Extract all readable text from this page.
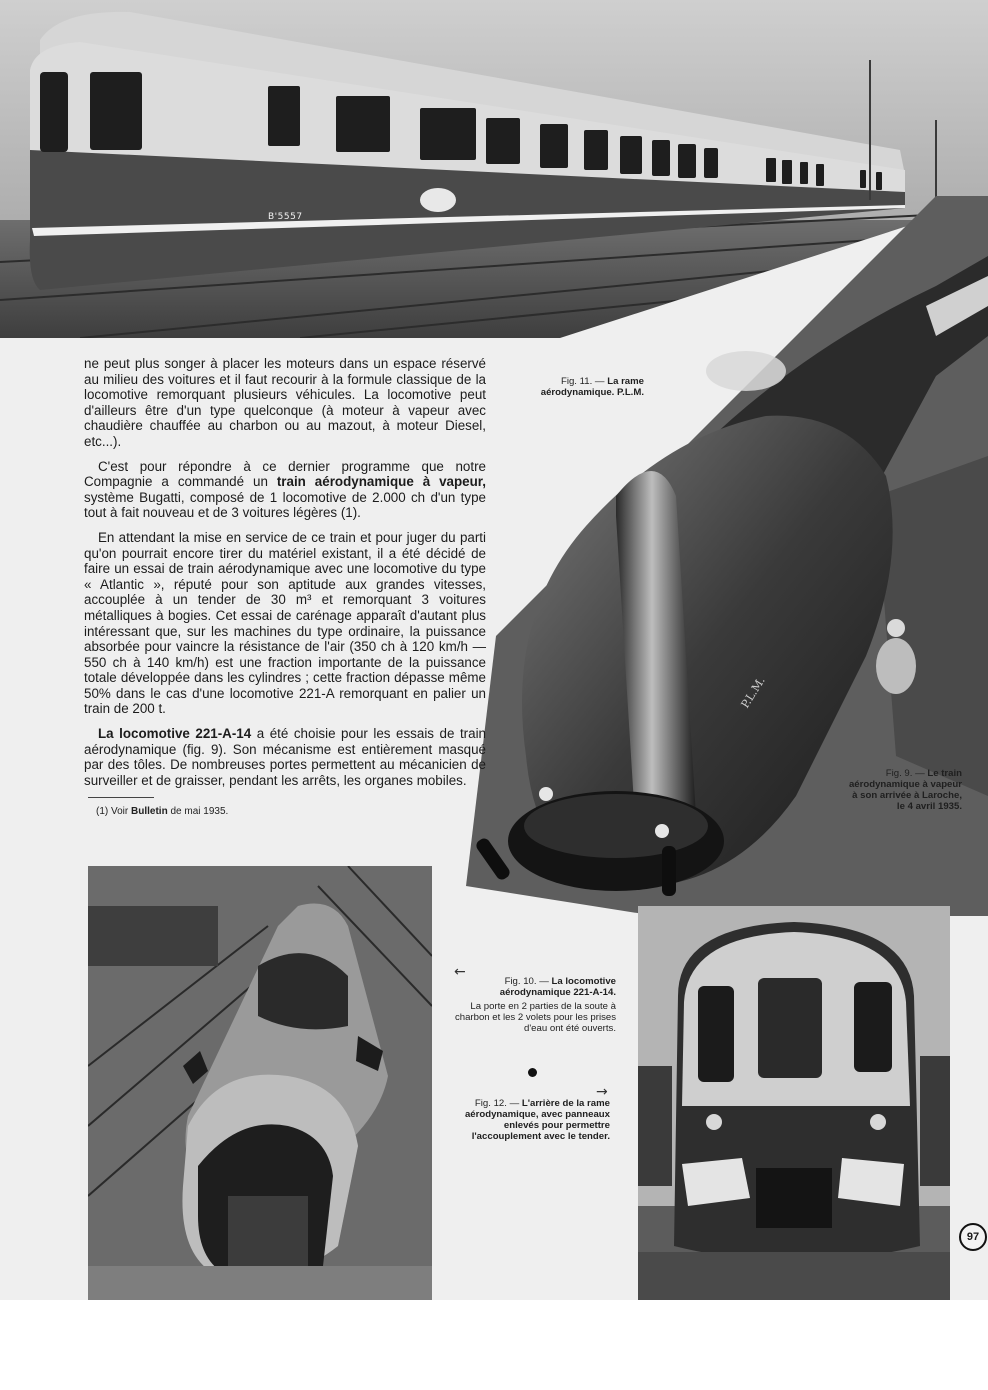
B'5557
P.L.M.

ne peut plus songer à placer les moteurs dans un espace réservé au milieu des voitures et il faut recourir à la formule classique de la locomotive remorquant plusieurs véhicules. La locomotive peut d'ailleurs être d'un type quelconque (à moteur à vapeur avec chaudière chauffée au charbon ou au mazout, à moteur Diesel, etc...).

C'est pour répondre à ce dernier programme que notre Compagnie a commandé un train aérodynamique à vapeur, système Bugatti, composé de 1 locomotive de 2.000 ch d'un type tout à fait nouveau et de 3 voitures légères (1).

En attendant la mise en service de ce train et pour juger du parti qu'on pourrait encore tirer du matériel existant, il a été décidé de faire un essai de train aérodynamique avec une locomotive du type « Atlantic », réputé pour son aptitude aux grandes vitesses, accouplée à un tender de 30 m³ et remorquant 3 voitures métalliques à bogies. Cet essai de carénage apparaît d'autant plus intéressant que, sur les machines du type ordinaire, la puissance absorbée pour vaincre la résistance de l'air (350 ch à 120 km/h — 550 ch à 140 km/h) est une fraction importante de la puissance totale développée dans les cylindres ; cette fraction dépasse même 50% dans le cas d'une locomotive 221-A remorquant en palier un train de 200 t.

La locomotive 221-A-14 a été choisie pour les essais de train aérodynamique (fig. 9). Son mécanisme est entièrement masqué par des tôles. De nombreuses portes permettent au mécanicien de surveiller et de graisser, pendant les arrêts, les organes mobiles.

(1) Voir Bulletin de mai 1935.
Fig. 11. — La rame aérodynamique. P.L.M.
Fig. 9. — Le train aérodynamique à vapeur à son arrivée à Laroche, le 4 avril 1935.
←
Fig. 10. — La locomotive aérodynamique 221-A-14.
La porte en 2 parties de la soute à charbon et les 2 volets pour les prises d'eau ont été ouverts.
→
Fig. 12. — L'arrière de la rame aérodynamique, avec panneaux enlevés pour permettre l'accouplement avec le tender.
97
